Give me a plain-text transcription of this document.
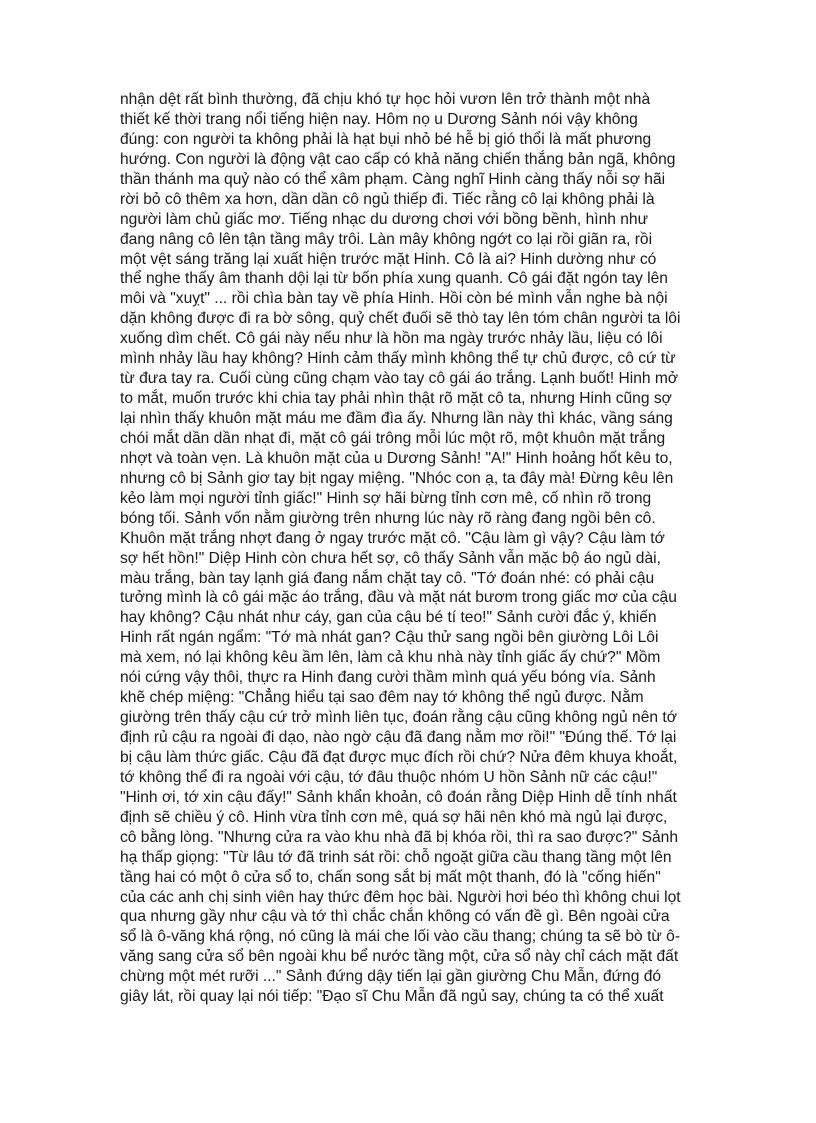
nhận dệt rất bình thường, đã chịu khó tự học hỏi vươn lên trở thành một nhà
thiết kế thời trang nổi tiếng hiện nay. Hôm nọ u Dương Sảnh nói vậy không
đúng: con người ta không phải là hạt bụi nhỏ bé hễ bị gió thổi là mất phương
hướng. Con người là động vật cao cấp có khả năng chiến thắng bản ngã, không
thần thánh ma quỷ nào có thể xâm phạm. Càng nghĩ Hinh càng thấy nỗi sợ hãi
rời bỏ cô thêm xa hơn, dần dần cô ngủ thiếp đi. Tiếc rằng cô lại không phải là
người làm chủ giấc mơ. Tiếng nhạc du dương chơi với bồng bềnh, hình như
đang nâng cô lên tận tầng mây trôi. Làn mây không ngớt co lại rồi giãn ra, rồi
một vệt sáng trăng lại xuất hiện trước mặt Hinh. Cô là ai? Hinh dường như có
thể nghe thấy âm thanh dội lại từ bốn phía xung quanh. Cô gái đặt ngón tay lên
môi và "xuỵt" ... rồi chìa bàn tay về phía Hinh. Hồi còn bé mình vẫn nghe bà nội
dặn không được đi ra bờ sông, quỷ chết đuối sẽ thò tay lên tóm chân người ta lôi
xuống dìm chết. Cô gái này nếu như là hồn ma ngày trước nhảy lầu, liệu có lôi
mình nhảy lầu hay không? Hinh cảm thấy mình không thể tự chủ được, cô cứ từ
từ đưa tay ra. Cuối cùng cũng chạm vào tay cô gái áo trắng. Lạnh buốt! Hinh mở
to mắt, muốn trước khi chia tay phải nhìn thật rõ mặt cô ta, nhưng Hinh cũng sợ
lại nhìn thấy khuôn mặt máu me đầm đìa ấy. Nhưng lần này thì khác, vầng sáng
chói mắt dần dần nhạt đi, mặt cô gái trông mỗi lúc một rõ, một khuôn mặt trắng
nhợt và toàn vẹn. Là khuôn mặt của u Dương Sảnh! "A!" Hinh hoảng hốt kêu to,
nhưng cô bị Sảnh giơ tay bịt ngay miệng. "Nhóc con ạ, ta đây mà! Đừng kêu lên
kẻo làm mọi người tỉnh giấc!" Hinh sợ hãi bừng tỉnh cơn mê, cố nhìn rõ trong
bóng tối. Sảnh vốn nằm giường trên nhưng lúc này rõ ràng đang ngồi bên cô.
Khuôn mặt trắng nhợt đang ở ngay trước mặt cô. "Cậu làm gì vậy? Cậu làm tớ
sợ hết hồn!" Diệp Hinh còn chưa hết sợ, cô thấy Sảnh vẫn mặc bộ áo ngủ dài,
màu trắng, bàn tay lạnh giá đang nắm chặt tay cô. "Tớ đoán nhé: có phải cậu
tưởng mình là cô gái mặc áo trắng, đầu và mặt nát bươm trong giấc mơ của cậu
hay không? Cậu nhát như cáy, gan của cậu bé tí teo!" Sảnh cười đắc ý, khiến
Hinh rất ngán ngẩm: "Tớ mà nhát gan? Cậu thử sang ngồi bên giường Lôi Lôi
mà xem, nó lại không kêu ầm lên, làm cả khu nhà này tỉnh giấc ấy chứ?" Mồm
nói cứng vậy thôi, thực ra Hinh đang cười thầm mình quá yếu bóng vía. Sảnh
khẽ chép miệng: "Chẳng hiểu tại sao đêm nay tớ không thể ngủ được. Nằm
giường trên thấy cậu cứ trở mình liên tục, đoán rằng cậu cũng không ngủ nên tớ
định rủ cậu ra ngoài đi dạo, nào ngờ cậu đã đang nằm mơ rồi!" "Đúng thế. Tớ lại
bị cậu làm thức giấc. Cậu đã đạt được mục đích rồi chứ? Nửa đêm khuya khoắt,
tớ không thể đi ra ngoài với cậu, tớ đâu thuộc nhóm U hồn Sảnh nữ các cậu!"
"Hinh ơi, tớ xin cậu đấy!" Sảnh khẩn khoản, cô đoán rằng Diệp Hinh dễ tính nhất
định sẽ chiều ý cô. Hinh vừa tỉnh cơn mê, quá sợ hãi nên khó mà ngủ lại được,
cô bằng lòng. "Nhưng cửa ra vào khu nhà đã bị khóa rồi, thì ra sao được?" Sảnh
hạ thấp giọng: "Từ lâu tớ đã trinh sát rồi: chỗ ngoặt giữa cầu thang tầng một lên
tầng hai có một ô cửa sổ to, chấn song sắt bị mất một thanh, đó là "cống hiến"
của các anh chị sinh viên hay thức đêm học bài. Người hơi béo thì không chui lọt
qua nhưng gầy như cậu và tớ thì chắc chắn không có vấn đề gì. Bên ngoài cửa
sổ là ô-văng khá rộng, nó cũng là mái che lối vào cầu thang; chúng ta sẽ bò từ ô-
văng sang cửa sổ bên ngoài khu bể nước tầng một, cửa sổ này chỉ cách mặt đất
chừng một mét rưỡi ..." Sảnh đứng dậy tiến lại gần giường Chu Mẫn, đứng đó
giây lát, rồi quay lại nói tiếp: "Đạo sĩ Chu Mẫn đã ngủ say, chúng ta có thể xuất
